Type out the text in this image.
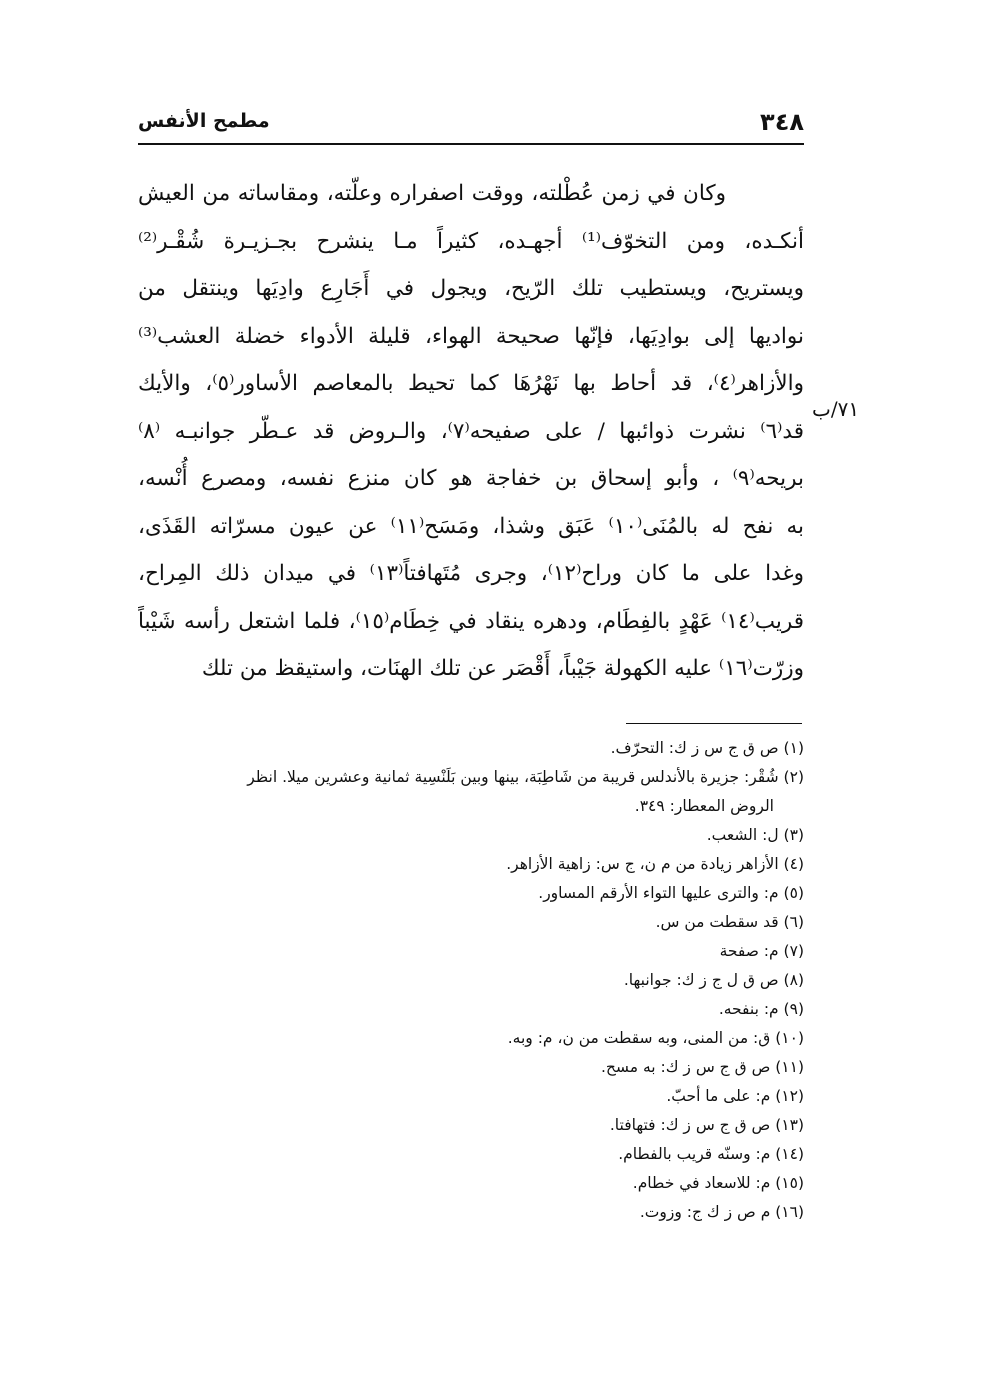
٣٤٨
مطمح الأنفس
٧١/ب
وكان في زمن عُطْلته، ووقت اصفراره وعلّته، ومقاساته من العيش
أنكـده، ومن التخوّف⁽¹⁾ أجهـده، كثيراً مـا ينشرح بجـزيـرة شُقْـر⁽²⁾
ويستريح، ويستطيب تلك الرّيح، ويجول في أَجَارِع وادِيَها وينتقل من
نواديها إلى بوادِيَها، فإنّها صحيحة الهواء، قليلة الأدواء خضلة العشب⁽³⁾
والأزاهر⁽٤⁾، قد أحاط بها نَهْرُهَا كما تحيط بالمعاصم الأساور⁽٥⁾، والأيك
قد⁽٦⁾ نشرت ذوائبها / على صفيحه⁽٧⁾، والـروض قد عـطّر جوانبـه ⁽٨⁾
بريحه⁽٩⁾ ، وأبو إسحاق بن خفاجة هو كان منزع نفسه، ومصرع أُنْسه،
به نفح له بالمُنَى⁽١٠⁾ عَبَق وشذا، ومَسَح⁽١١⁾ عن عيون مسرّاته القَذَى،
وغدا على ما كان وراح⁽١٢⁾، وجرى مُتَهافتاً⁽١٣⁾ في ميدان ذلك المِراح،
قريب⁽١٤⁾ عَهْدٍ بالفِطَام، ودهره ينقاد في خِطَام⁽١٥⁾، فلما اشتعل رأسه شَيْباً
وزرّت⁽١٦⁾ عليه الكهولة جَيْباً، أَقْصَر عن تلك الهنَات، واستيقظ من تلك
(١) ص ق ج س ز ك: التحرّف.
(٢) شُقْر: جزيرة بالأندلس قريبة من شَاطِبَة، بينها وبين بَلَنْسِية ثمانية وعشرين ميلا. انظر
الروض المعطار: ٣٤٩.
(٣) ل: الشعب.
(٤) الأزاهر زيادة من م ن، ج س: زاهية الأزاهر.
(٥) م: والترى عليها التواء الأرقم المساور.
(٦) قد سقطت من س.
(٧) م: صفحة
(٨) ص ق ل ج ز ك: جوانبها.
(٩) م: بنفحه.
(١٠) ق: من المنى، وبه سقطت من ن، م: وبه.
(١١) ص ق ج س ز ك: به مسح.
(١٢) م: على ما أحبّ.
(١٣) ص ق ج س ز ك: فتهافتا.
(١٤) م: وسنّه قريب بالفطام.
(١٥) م: للاسعاد في خطام.
(١٦) م ص ز ك ج: وزوت.
